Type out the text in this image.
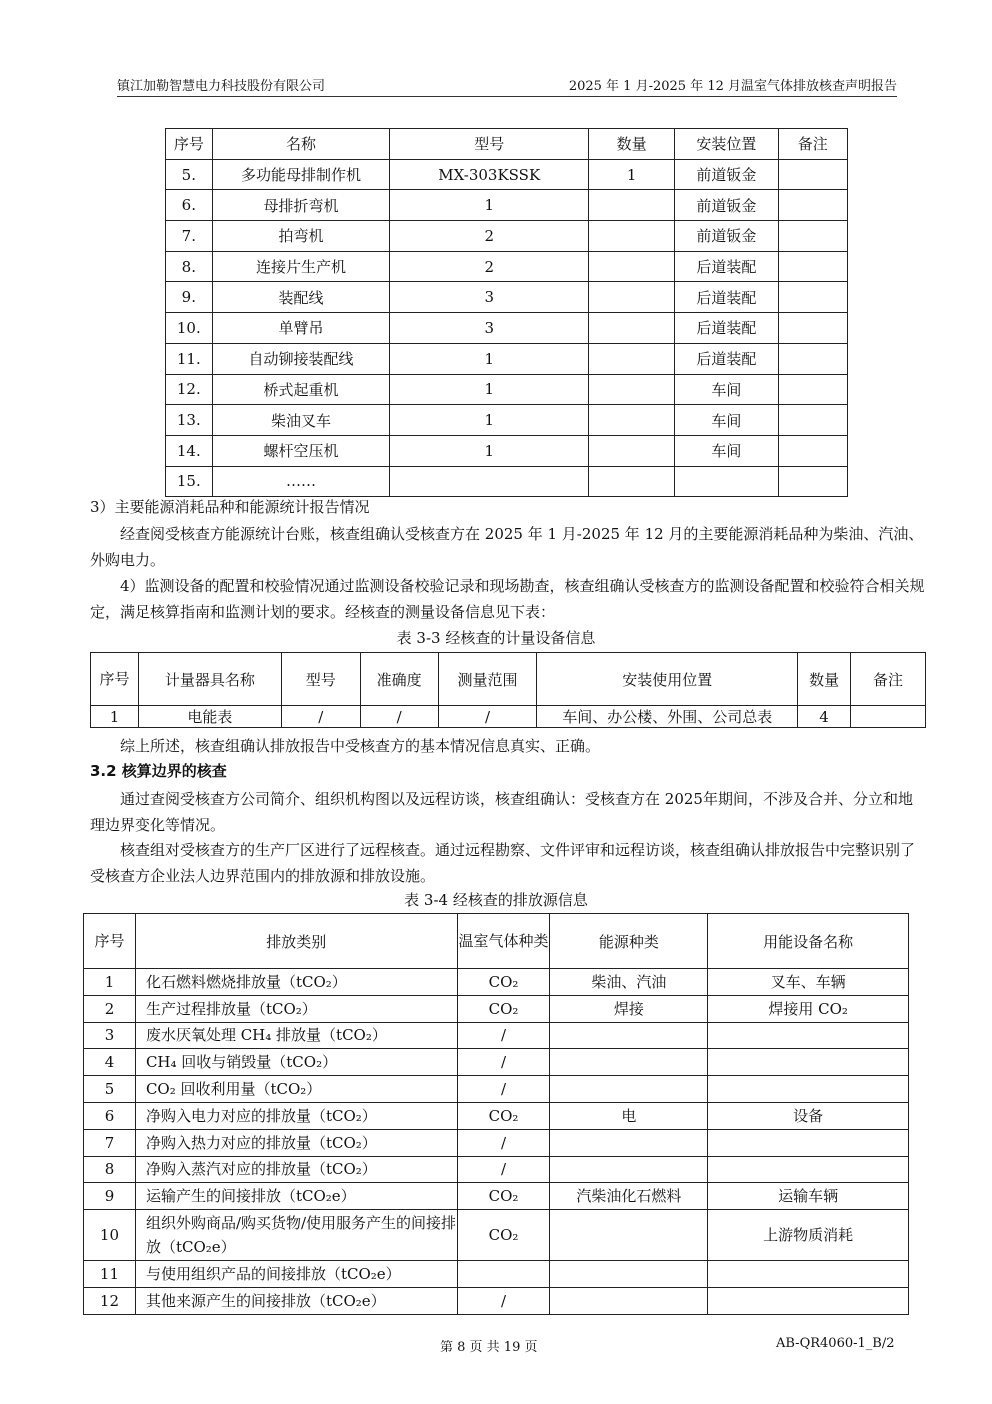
镇江加勒智慧电力科技股份有限公司	2025 年 1 月-2025 年 12 月温室气体排放核查声明报告
序号	名称	型号	数量	安装位置	备注
5.	多功能母排制作机	MX-303KSSK	1	前道钣金	
6.	母排折弯机	1		前道钣金	
7.	拍弯机	2		前道钣金	
8.	连接片生产机	2		后道装配	
9.	装配线	3		后道装配	
10.	单臂吊	3		后道装配	
11.	自动铆接装配线	1		后道装配	
12.	桥式起重机	1		车间	
13.	柴油叉车	1		车间	
14.	螺杆空压机	1		车间	
15.	……				
3）主要能源消耗品种和能源统计报告情况
经查阅受核查方能源统计台账，核查组确认受核查方在 2025 年 1 月-2025 年 12 月的主要能源消耗品种为柴油、汽油、外购电力。
4）监测设备的配置和校验情况通过监测设备校验记录和现场勘查，核查组确认受核查方的监测设备配置和校验符合相关规定，满足核算指南和监测计划的要求。经核查的测量设备信息见下表：
表 3-3 经核查的计量设备信息
序号	计量器具名称	型号	准确度	测量范围	安装使用位置	数量	备注
1	电能表	/	/	/	车间、办公楼、外围、公司总表	4	
综上所述，核查组确认排放报告中受核查方的基本情况信息真实、正确。
3.2 核算边界的核查
通过查阅受核查方公司简介、组织机构图以及远程访谈，核查组确认：受核查方在 2025年期间，不涉及合并、分立和地理边界变化等情况。
核查组对受核查方的生产厂区进行了远程核查。通过远程勘察、文件评审和远程访谈，核查组确认排放报告中完整识别了受核查方企业法人边界范围内的排放源和排放设施。
表 3-4 经核查的排放源信息
序号	排放类别	温室气体种类	能源种类	用能设备名称
1	化石燃料燃烧排放量（tCO₂）	CO₂	柴油、汽油	叉车、车辆
2	生产过程排放量（tCO₂）	CO₂	焊接	焊接用 CO₂
3	废水厌氧处理 CH₄ 排放量（tCO₂）	/		
4	CH₄ 回收与销毁量（tCO₂）	/		
5	CO₂ 回收利用量（tCO₂）	/		
6	净购入电力对应的排放量（tCO₂）	CO₂	电	设备
7	净购入热力对应的排放量（tCO₂）	/		
8	净购入蒸汽对应的排放量（tCO₂）	/		
9	运输产生的间接排放（tCO₂e）	CO₂	汽柴油化石燃料	运输车辆
10	组织外购商品/购买货物/使用服务产生的间接排放（tCO₂e）	CO₂		上游物质消耗
11	与使用组织产品的间接排放（tCO₂e）			
12	其他来源产生的间接排放（tCO₂e）	/		
第 8 页 共 19 页	AB-QR4060-1_B/2
